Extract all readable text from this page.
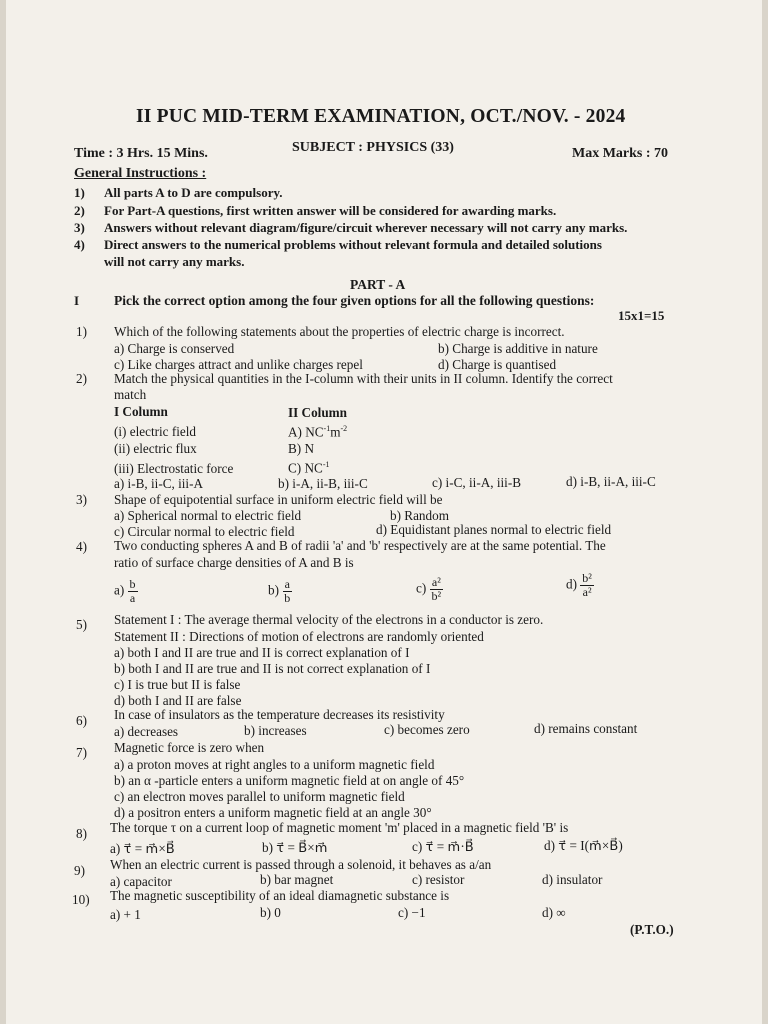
II PUC MID-TERM EXAMINATION, OCT./NOV. - 2024
Time : 3 Hrs. 15 Mins.	SUBJECT : PHYSICS (33)	Max Marks : 70
General Instructions :
1) All parts A to D are compulsory.
2) For Part-A questions, first written answer will be considered for awarding marks.
3) Answers without relevant diagram/figure/circuit wherever necessary will not carry any marks.
4) Direct answers to the numerical problems without relevant formula and detailed solutions
will not carry any marks.
PART - A
I	Pick the correct option among the four given options for all the following questions:
15x1=15
1) Which of the following statements about the properties of electric charge is incorrect.
a) Charge is conserved	b) Charge is additive in nature
c) Like charges attract and unlike charges repel	d) Charge is quantised
2) Match the physical quantities in the I-column with their units in II column. Identify the correct
match
I Column	II Column
(i) electric field	A) $NC^{-1}m^{-2}$
(ii) electric flux	B) N
(iii) Electrostatic force	C) $NC^{-1}$
a) i-B, ii-C, iii-A	b) i-A, ii-B, iii-C	c) i-C, ii-A, iii-B	d) i-B, ii-A, iii-C
3) Shape of equipotential surface in uniform electric field will be
a) Spherical normal to electric field	b) Random
c) Circular normal to electric field	d) Equidistant planes normal to electric field
4) Two conducting spheres A and B of radii 'a' and 'b' respectively are at the same potential. The
ratio of surface charge densities of A and B is
$a) \frac{b}{a}$	$b) \frac{a}{b}$	$c) \frac{\text{a²}}{\text{b²}}$	$d) \frac{\text{b²}}{\text{a²}}$
5) Statement I : The average thermal velocity of the electrons in a conductor is zero.
Statement II : Directions of motion of electrons are randomly oriented
a) both I and II are true and II is correct explanation of I
b) both I and II are true and II is not correct explanation of I
c) I is true but II is false
d) both I and II are false
6) In case of insulators as the temperature decreases its resistivity
a) decreases	b) increases	c) becomes zero	d) remains constant
7) Magnetic force is zero when
a) a proton moves at right angles to a uniform magnetic field
b) an α -particle enters a uniform magnetic field at on angle of 45°
c) an electron moves parallel to uniform magnetic field
d) a positron enters a uniform magnetic field at an angle 30°
8) The torque τ on a current loop of magnetic moment 'm' placed in a magnetic field 'B' is
a) τ⃗ = m⃗×B⃗	b) τ⃗ = B⃗×m⃗	c) τ⃗ = m⃗·B⃗	d) τ⃗ = I(m⃗×B⃗)
9) When an electric current is passed through a solenoid, it behaves as a/an
a) capacitor	b) bar magnet	c) resistor	d) insulator
10) The magnetic susceptibility of an ideal diamagnetic substance is
a) + 1	b) 0	c) −1	d) ∞
(P.T.O.)
